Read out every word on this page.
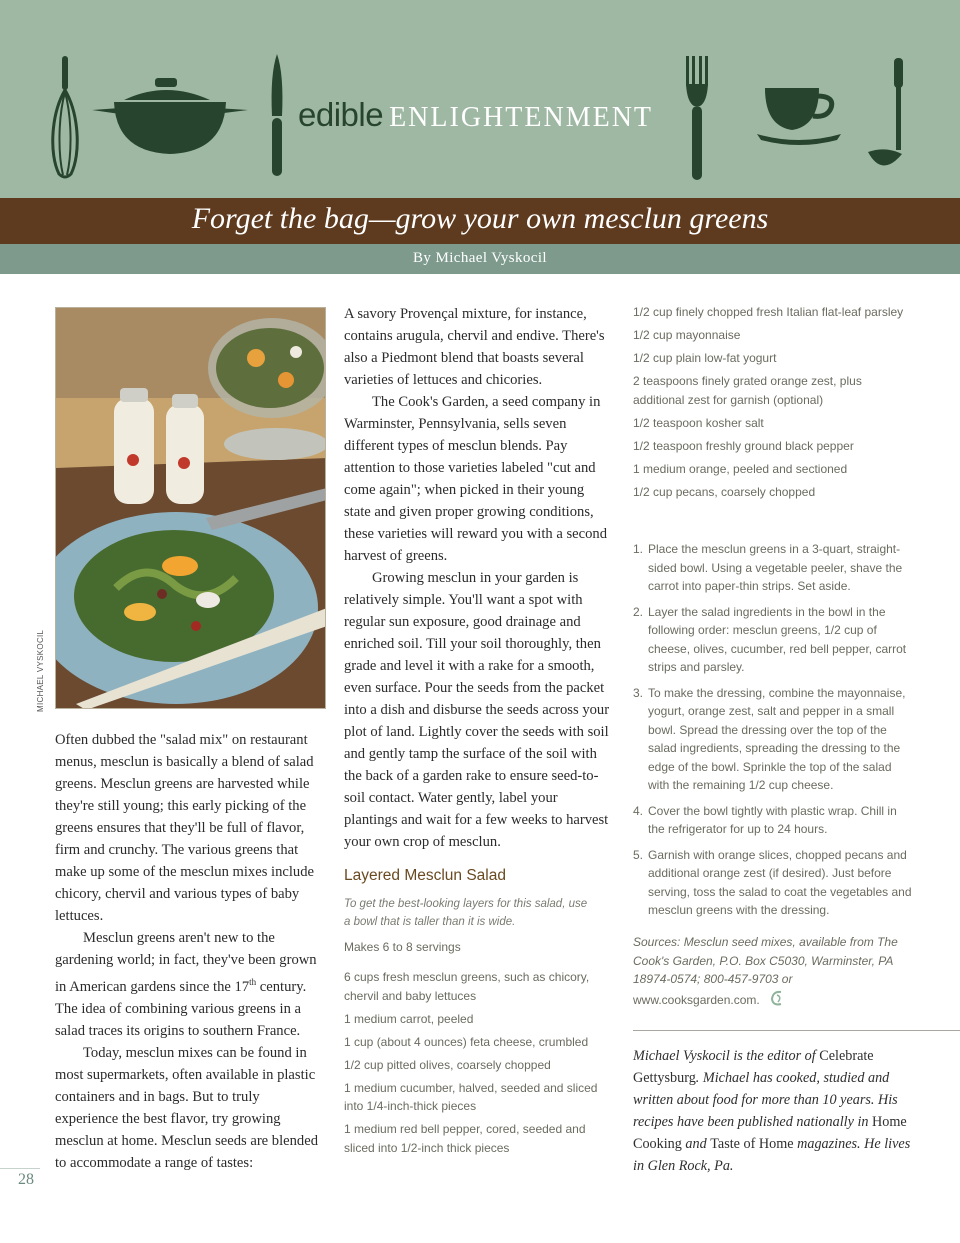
edible ENLIGHTENMENT
Forget the bag—grow your own mesclun greens
By Michael Vyskocil
MICHAEL VYSKOCIL

Often dubbed the "salad mix" on restaurant menus, mesclun is basically a blend of salad greens. Mesclun greens are harvested while they're still young; this early picking of the greens ensures that they'll be full of flavor, firm and crunchy. The various greens that make up some of the mesclun mixes include chicory, chervil and various types of baby lettuces.

Mesclun greens aren't new to the gardening world; in fact, they've been grown in American gardens since the 17th century. The idea of combining various greens in a salad traces its origins to southern France.

Today, mesclun mixes can be found in most supermarkets, often available in plastic containers and in bags. But to truly experience the best flavor, try growing mesclun at home. Mesclun seeds are blended to accommodate a range of tastes:

A savory Provençal mixture, for instance, contains arugula, chervil and endive. There's also a Piedmont blend that boasts several varieties of lettuces and chicories.

The Cook's Garden, a seed company in Warminster, Pennsylvania, sells seven different types of mesclun blends. Pay attention to those varieties labeled "cut and come again"; when picked in their young state and given proper growing conditions, these varieties will reward you with a second harvest of greens.

Growing mesclun in your garden is relatively simple. You'll want a spot with regular sun exposure, good drainage and enriched soil. Till your soil thoroughly, then grade and level it with a rake for a smooth, even surface. Pour the seeds from the packet into a dish and disburse the seeds across your plot of land. Lightly cover the seeds with soil and gently tamp the surface of the soil with the back of a garden rake to ensure seed-to-soil contact. Water gently, label your plantings and wait for a few weeks to harvest your own crop of mesclun.

Layered Mesclun Salad
To get the best-looking layers for this salad, use a bowl that is taller than it is wide.
Makes 6 to 8 servings
6 cups fresh mesclun greens, such as chicory, chervil and baby lettuces
1 medium carrot, peeled
1 cup (about 4 ounces) feta cheese, crumbled
1/2 cup pitted olives, coarsely chopped
1 medium cucumber, halved, seeded and sliced into 1/4-inch-thick pieces
1 medium red bell pepper, cored, seeded and sliced into 1/2-inch thick pieces
1/2 cup finely chopped fresh Italian flat-leaf parsley
1/2 cup mayonnaise
1/2 cup plain low-fat yogurt
2 teaspoons finely grated orange zest, plus additional zest for garnish (optional)
1/2 teaspoon kosher salt
1/2 teaspoon freshly ground black pepper
1 medium orange, peeled and sectioned
1/2 cup pecans, coarsely chopped
1. Place the mesclun greens in a 3-quart, straight-sided bowl. Using a vegetable peeler, shave the carrot into paper-thin strips. Set aside.
2. Layer the salad ingredients in the bowl in the following order: mesclun greens, 1/2 cup of cheese, olives, cucumber, red bell pepper, carrot strips and parsley.
3. To make the dressing, combine the mayonnaise, yogurt, orange zest, salt and pepper in a small bowl. Spread the dressing over the top of the salad ingredients, spreading the dressing to the edge of the bowl. Sprinkle the top of the salad with the remaining 1/2 cup cheese.
4. Cover the bowl tightly with plastic wrap. Chill in the refrigerator for up to 24 hours.
5. Garnish with orange slices, chopped pecans and additional orange zest (if desired). Just before serving, toss the salad to coat the vegetables and mesclun greens with the dressing.
Sources: Mesclun seed mixes, available from The Cook's Garden, P.O. Box C5030, Warminster, PA 18974-0574; 800-457-9703 or www.cooksgarden.com.
Michael Vyskocil is the editor of Celebrate Gettysburg. Michael has cooked, studied and written about food for more than 10 years. His recipes have been published nationally in Home Cooking and Taste of Home magazines. He lives in Glen Rock, Pa.
28
